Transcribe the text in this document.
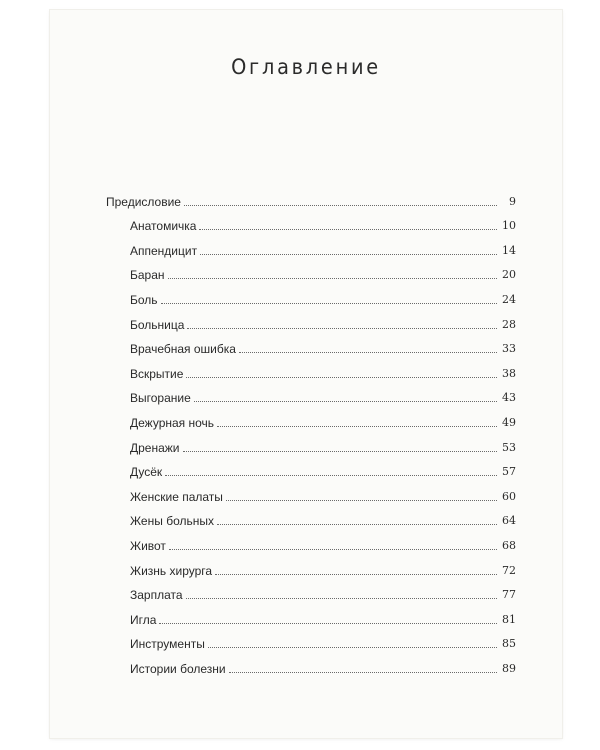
Оглавление
Предисловие	9
Анатомичка	10
Аппендицит	14
Баран	20
Боль	24
Больница	28
Врачебная ошибка	33
Вскрытие	38
Выгорание	43
Дежурная ночь	49
Дренажи	53
Дусёк	57
Женские палаты	60
Жены больных	64
Живот	68
Жизнь хирурга	72
Зарплата	77
Игла	81
Инструменты	85
Истории болезни	89
